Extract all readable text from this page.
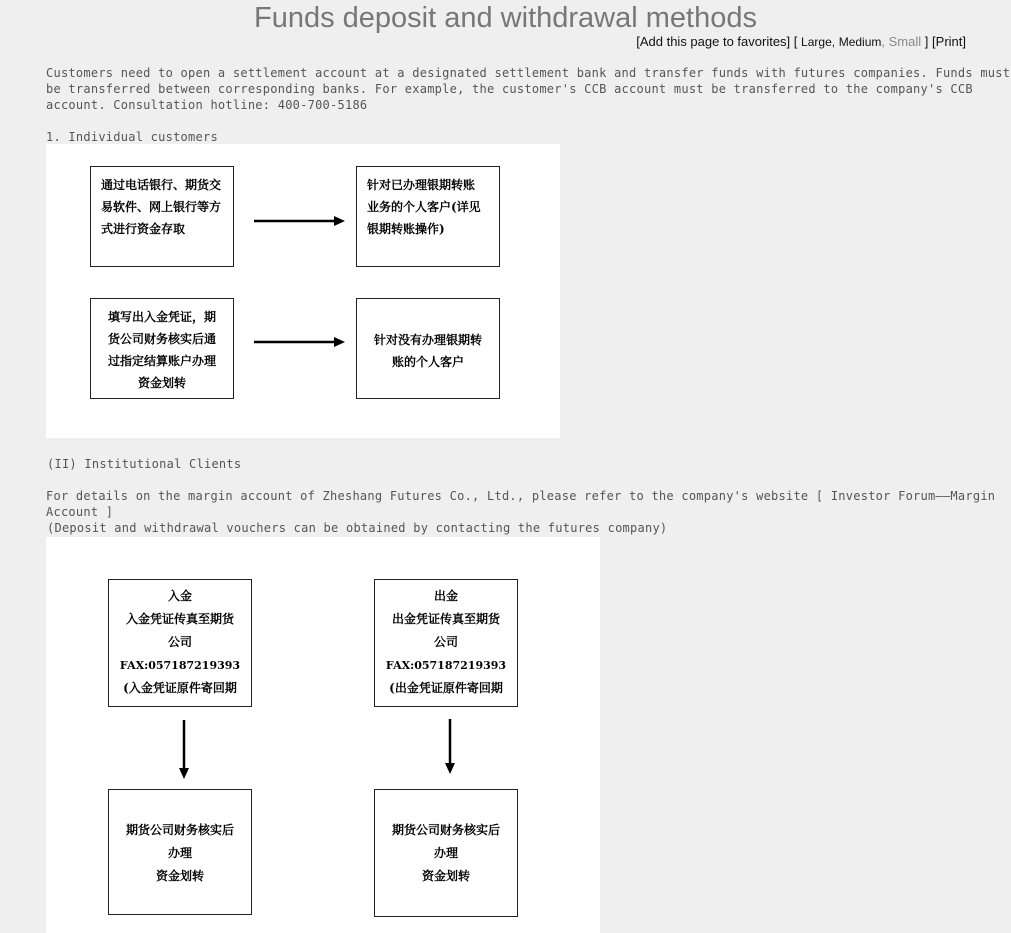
Funds deposit and withdrawal methods
[Add this page to favorites] [ Large, Medium, Small ] [Print]
Customers need to open a settlement account at a designated settlement bank and transfer funds with futures companies. Funds must
be transferred between corresponding banks. For example, the customer's CCB account must be transferred to the company's CCB
account. Consultation hotline: 400-700-5186
1. Individual customers
通过电话银行、期货交
易软件、网上银行等方
式进行资金存取
针对已办理银期转账
业务的个人客户(详见
银期转账操作)
填写出入金凭证，期
货公司财务核实后通
过指定结算账户办理
资金划转
针对没有办理银期转
账的个人客户
(II) Institutional Clients
For details on the margin account of Zheshang Futures Co., Ltd., please refer to the company's website [ Investor Forum——Margin
Account ]
(Deposit and withdrawal vouchers can be obtained by contacting the futures company)
入金
入金凭证传真至期货
公司
FAX:057187219393
(入金凭证原件寄回期
出金
出金凭证传真至期货
公司
FAX:057187219393
(出金凭证原件寄回期
期货公司财务核实后
办理
资金划转
期货公司财务核实后
办理
资金划转
